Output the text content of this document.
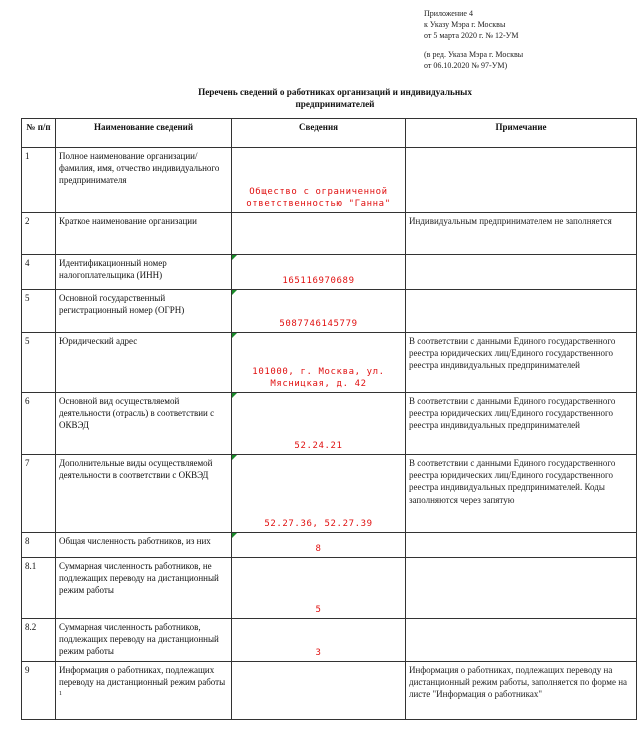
Приложение 4
к Указу Мэра г. Москвы
от 5 марта 2020 г. № 12-УМ
(в ред. Указа Мэра г. Москвы
от 06.10.2020 № 97-УМ)
Перечень сведений о работниках организаций и индивидуальных
предпринимателей
№ п/п	Наименование сведений	Сведения	Примечание
1	Полное наименование организации/фамилия, имя, отчество индивидуального предпринимателя	Общество с ограниченной ответственностью "Ганна"	
2	Краткое наименование организации		Индивидуальным предпринимателем не заполняется
4	Идентификационный номер налогоплательщика (ИНН)	165116970689	
5	Основной государственный регистрационный номер (ОГРН)	5087746145779	
5	Юридический адрес	101000, г. Москва, ул. Мясницкая, д. 42	В соответствии с данными Единого государственного реестра юридических лиц/Единого государственного реестра индивидуальных предпринимателей
6	Основной вид осуществляемой деятельности (отрасль) в соответствии с ОКВЭД	52.24.21	В соответствии с данными Единого государственного реестра юридических лиц/Единого государственного реестра индивидуальных предпринимателей
7	Дополнительные виды осуществляемой деятельности в соответствии с ОКВЭД	52.27.36, 52.27.39	В соответствии с данными Единого государственного реестра юридических лиц/Единого государственного реестра индивидуальных предпринимателей. Коды заполняются через запятую
8	Общая численность работников, из них	8	
8.1	Суммарная численность работников, не подлежащих переводу на дистанционный режим работы	5	
8.2	Суммарная численность работников, подлежащих переводу на дистанционный режим работы	3	
9	Информация о работниках, подлежащих переводу на дистанционный режим работы $^1$		Информация о работниках, подлежащих переводу на дистанционный режим работы, заполняется по форме на листе "Информация о работниках"
